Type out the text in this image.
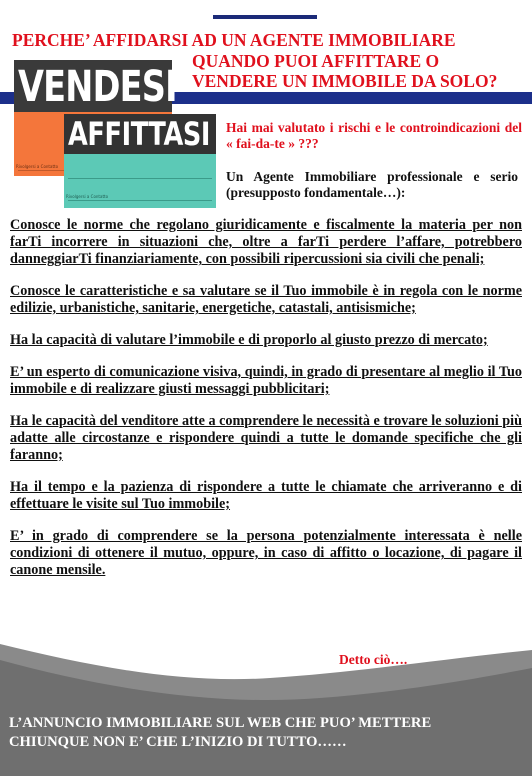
PERCHE’ AFFIDARSI AD UN AGENTE IMMOBILIARE
QUANDO PUOI AFFITTARE O
VENDERE UN IMMOBILE DA SOLO?
VENDESI
Rivolgersi a Contatto
AFFITTASI
Rivolgersi a Contatto
Hai mai valutato i rischi e le controindicazioni del « fai-da-te » ???
Un Agente Immobiliare professionale e serio (presupposto fondamentale…):

Conosce le norme che regolano giuridicamente e fiscalmente la materia per non farTi incorrere in situazioni che, oltre a farTi perdere l’affare, potrebbero danneggiarTi finanziariamente, con possibili ripercussioni sia civili che penali;

Conosce le caratteristiche e sa valutare se il Tuo immobile è in regola con le norme edilizie, urbanistiche, sanitarie, energetiche, catastali, antisismiche;

Ha la capacità di valutare l’immobile e di proporlo al giusto prezzo di mercato;

E’ un esperto di comunicazione visiva, quindi, in grado di presentare al meglio il Tuo immobile e di realizzare giusti messaggi pubblicitari;

Ha le capacità del venditore atte a comprendere le necessità e trovare le soluzioni più adatte alle circostanze e rispondere quindi a tutte le domande specifiche che gli faranno;

Ha il tempo e la pazienza di rispondere a tutte le chiamate che arriveranno e di effettuare le visite sul Tuo immobile;

E’ in grado di comprendere se la persona potenzialmente interessata è nelle condizioni di ottenere il mutuo, oppure, in caso di affitto o locazione, di pagare il canone mensile.

Detto ciò….
L’ANNUNCIO IMMOBILIARE SUL WEB CHE PUO’ METTERE
CHIUNQUE NON E’ CHE L’INIZIO DI TUTTO……
